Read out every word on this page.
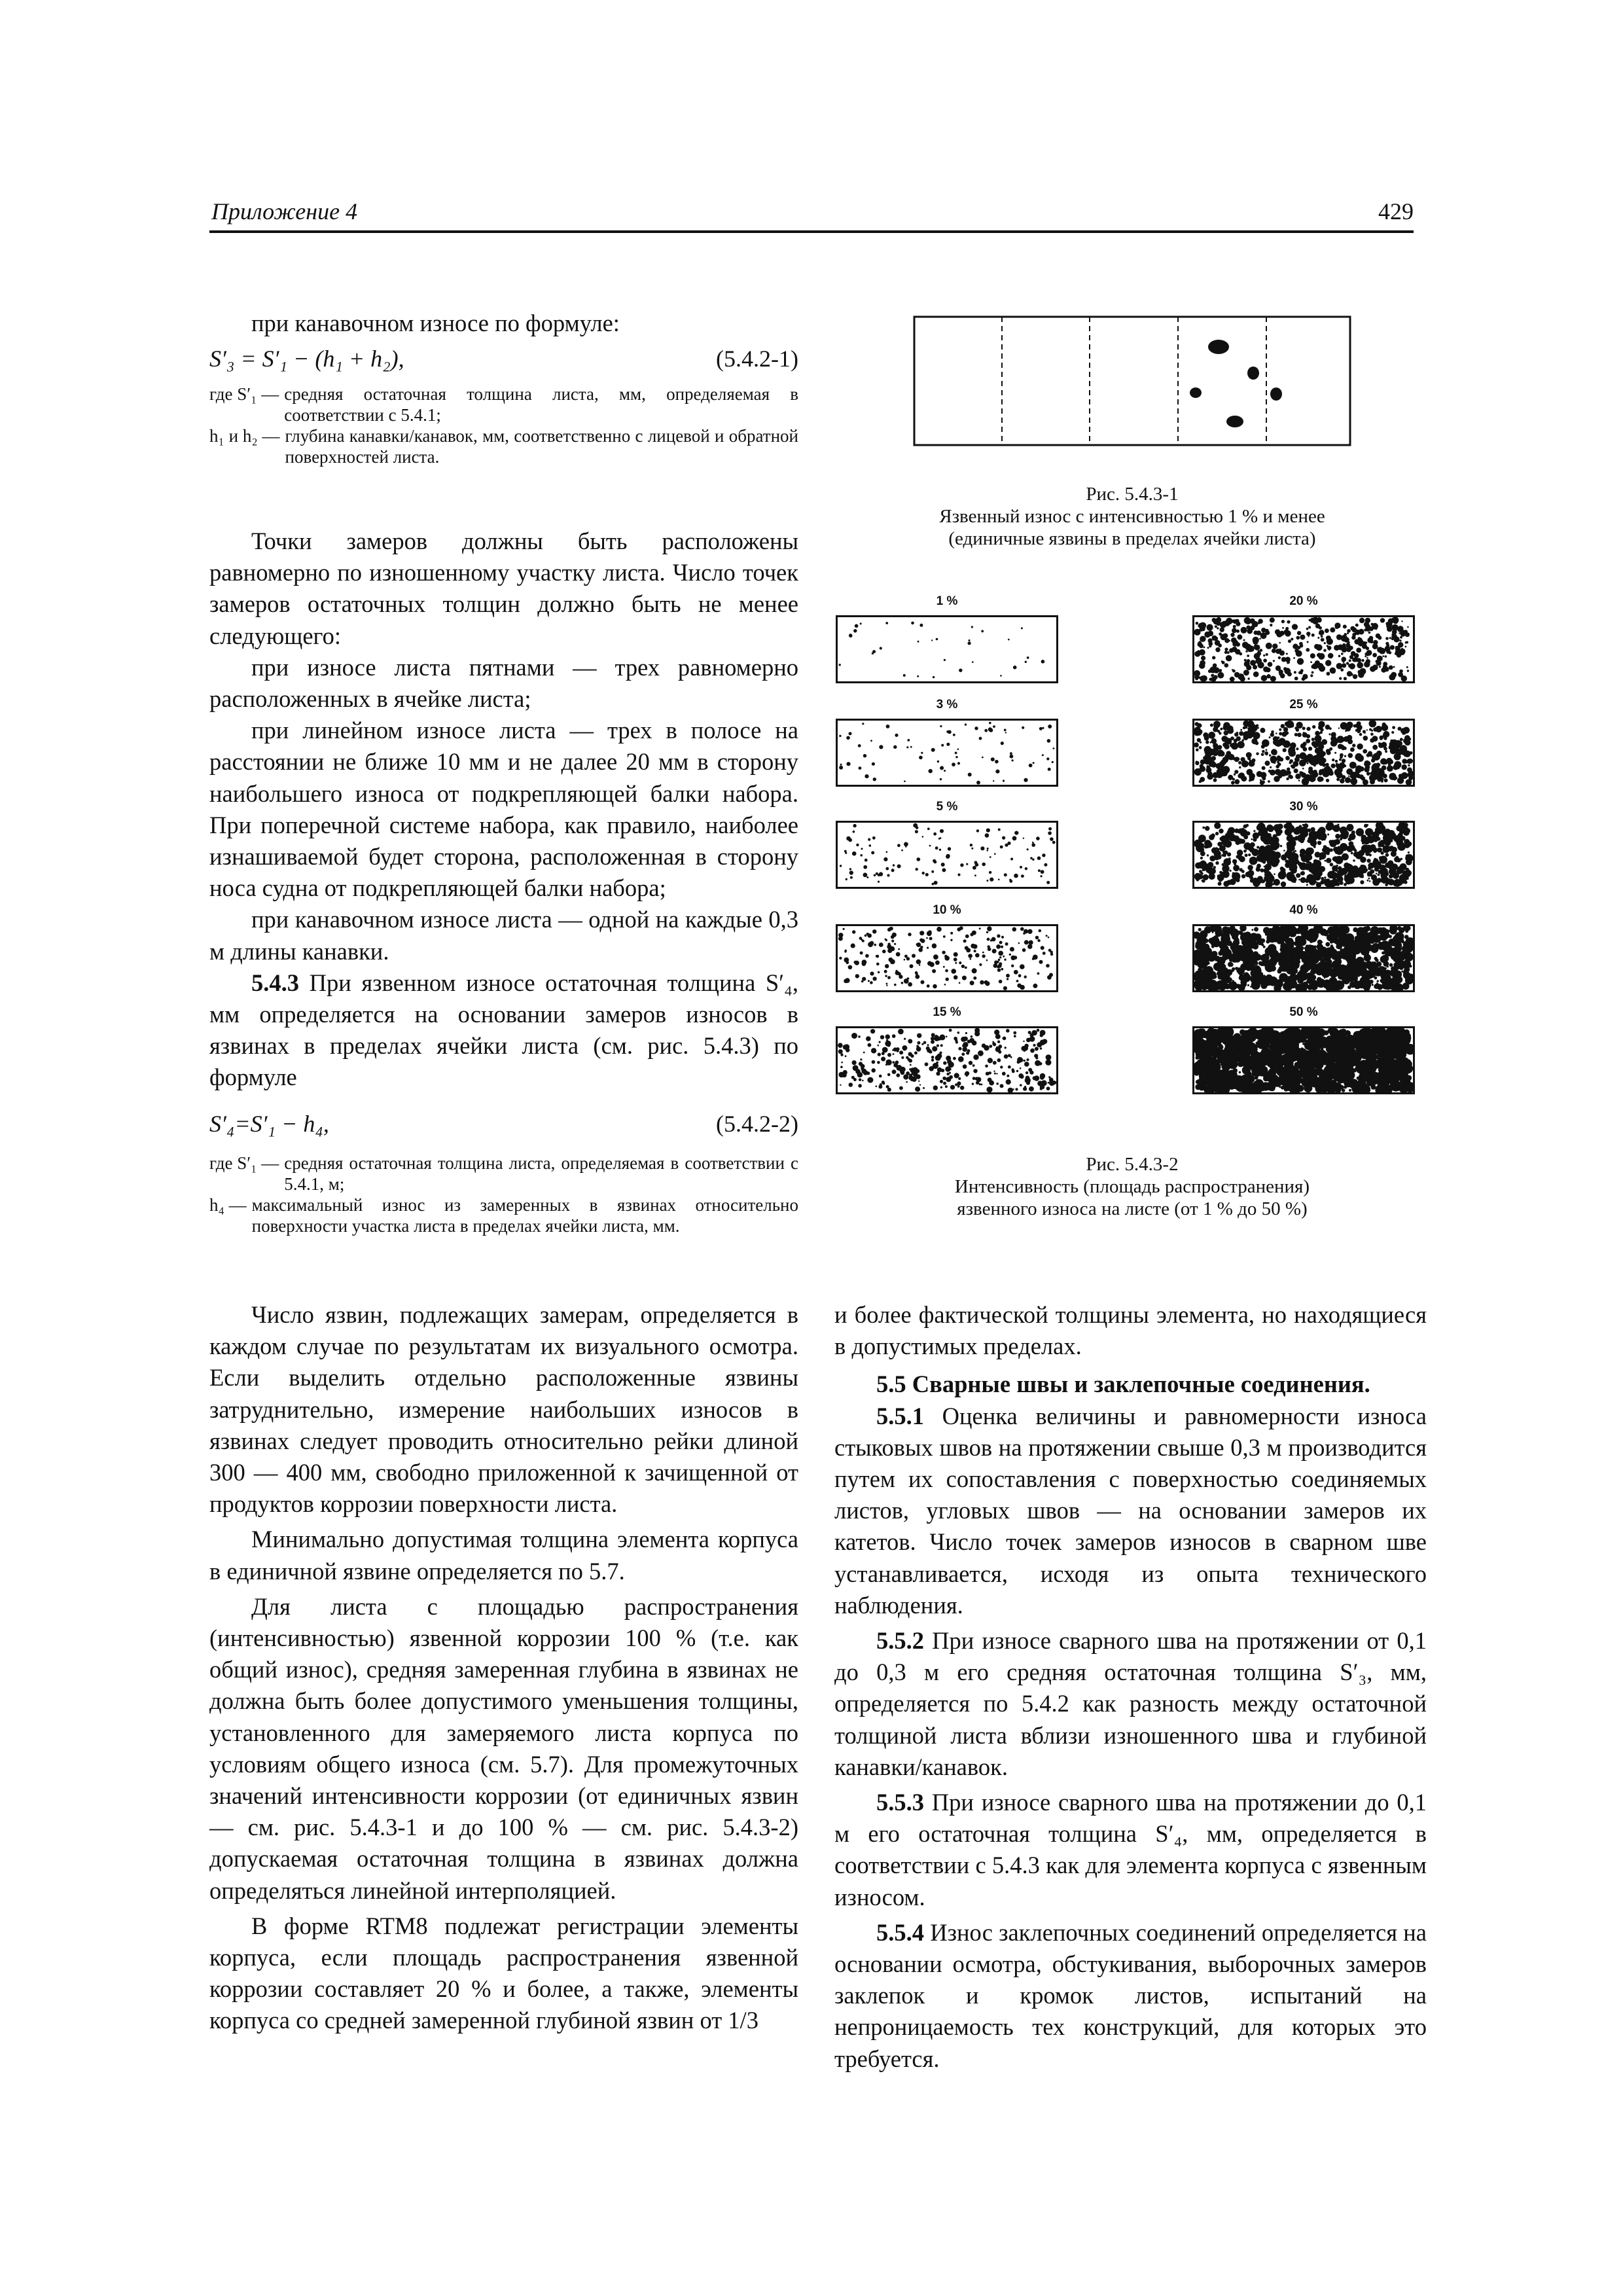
Приложение 4	429

при канавочном износе по формуле:

S′₃ = S′₁ − (h₁ + h₂),	(5.4.2-1)
где S′₁ — средняя остаточная толщина листа, мм, определяемая в соответствии с 5.4.1;
h₁ и h₂ — глубина канавки/канавок, мм, соответственно с лицевой и обратной поверхностей листа.

Точки замеров должны быть расположены равномерно по изношенному участку листа. Число точек замеров остаточных толщин должно быть не менее следующего:

при износе листа пятнами — трех равномерно расположенных в ячейке листа;

при линейном износе листа — трех в полосе на расстоянии не ближе 10 мм и не далее 20 мм в сторону наибольшего износа от подкрепляющей балки набора. При поперечной системе набора, как правило, наиболее изнашиваемой будет сторона, расположенная в сторону носа судна от подкрепляющей балки набора;

при канавочном износе листа — одной на каждые 0,3 м длины канавки.

5.4.3 При язвенном износе остаточная толщина S′₄, мм определяется на основании замеров износов в язвинах в пределах ячейки листа (см. рис. 5.4.3) по формуле

S′₄=S′₁ − h₄,	(5.4.2-2)
где S′₁ — средняя остаточная толщина листа, определяемая в соответствии с 5.4.1, м;
h₄ — максимальный износ из замеренных в язвинах относительно поверхности участка листа в пределах ячейки листа, мм.
Рис. 5.4.3-1
Язвенный износ с интенсивностью 1 % и менее
(единичные язвины в пределах ячейки листа)
1 %	20 %
3 %	25 %
5 %	30 %
10 %	40 %
15 %	50 %
Рис. 5.4.3-2
Интенсивность (площадь распространения)
язвенного износа на листе (от 1 % до 50 %)

Число язвин, подлежащих замерам, определяется в каждом случае по результатам их визуального осмотра. Если выделить отдельно расположенные язвины затруднительно, измерение наибольших износов в язвинах следует проводить относительно рейки длиной 300 — 400 мм, свободно приложенной к зачищенной от продуктов коррозии поверхности листа.

Минимально допустимая толщина элемента корпуса в единичной язвине определяется по 5.7.

Для листа с площадью распространения (интенсивностью) язвенной коррозии 100 % (т.е. как общий износ), средняя замеренная глубина в язвинах не должна быть более допустимого уменьшения толщины, установленного для замеряемого листа корпуса по условиям общего износа (см. 5.7). Для промежуточных значений интенсивности коррозии (от единичных язвин — см. рис. 5.4.3-1 и до 100 % — см. рис. 5.4.3-2) допускаемая остаточная толщина в язвинах должна определяться линейной интерполяцией.

В форме RTM8 подлежат регистрации элементы корпуса, если площадь распространения язвенной коррозии составляет 20 % и более, а также, элементы корпуса со средней замеренной глубиной язвин от 1/3

и более фактической толщины элемента, но находящиеся в допустимых пределах.

5.5 Сварные швы и заклепочные соединения.

5.5.1 Оценка величины и равномерности износа стыковых швов на протяжении свыше 0,3 м производится путем их сопоставления с поверхностью соединяемых листов, угловых швов — на основании замеров их катетов. Число точек замеров износов в сварном шве устанавливается, исходя из опыта технического наблюдения.

5.5.2 При износе сварного шва на протяжении от 0,1 до 0,3 м его средняя остаточная толщина S′₃, мм, определяется по 5.4.2 как разность между остаточной толщиной листа вблизи изношенного шва и глубиной канавки/канавок.

5.5.3 При износе сварного шва на протяжении до 0,1 м его остаточная толщина S′₄, мм, определяется в соответствии с 5.4.3 как для элемента корпуса с язвенным износом.

5.5.4 Износ заклепочных соединений определяется на основании осмотра, обстукивания, выборочных замеров заклепок и кромок листов, испытаний на непроницаемость тех конструкций, для которых это требуется.
